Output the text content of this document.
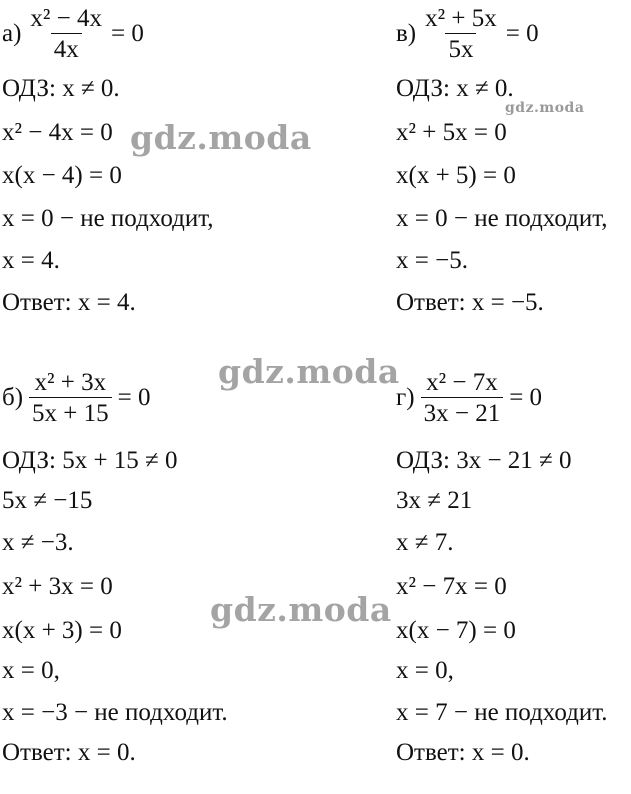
$а) \frac{\text{x² − 4x}}{4x} = 0$
ОДЗ: x ≠ 0.
x² − 4x = 0
x(x − 4) = 0
x = 0 − не подходит,
x = 4.
Ответ: x = 4.
$в) \frac{\text{x² + 5x}}{5x} = 0$
ОДЗ: x ≠ 0.
x² + 5x = 0
x(x + 5) = 0
x = 0 − не подходит,
x = −5.
Ответ: x = −5.
$б) \frac{\text{x² + 3x}}{5x + 15} = 0$
ОДЗ: 5x + 15 ≠ 0
5x ≠ −15
x ≠ −3.
x² + 3x = 0
x(x + 3) = 0
x = 0,
x = −3 − не подходит.
Ответ: x = 0.
$г) \frac{\text{x² − 7x}}{3x - 21} = 0$
ОДЗ: 3x − 21 ≠ 0
3x ≠ 21
x ≠ 7.
x² − 7x = 0
x(x − 7) = 0
x = 0,
x = 7 − не подходит.
Ответ: x = 0.
gdz.moda
gdz.moda
gdz.moda
gdz.moda
